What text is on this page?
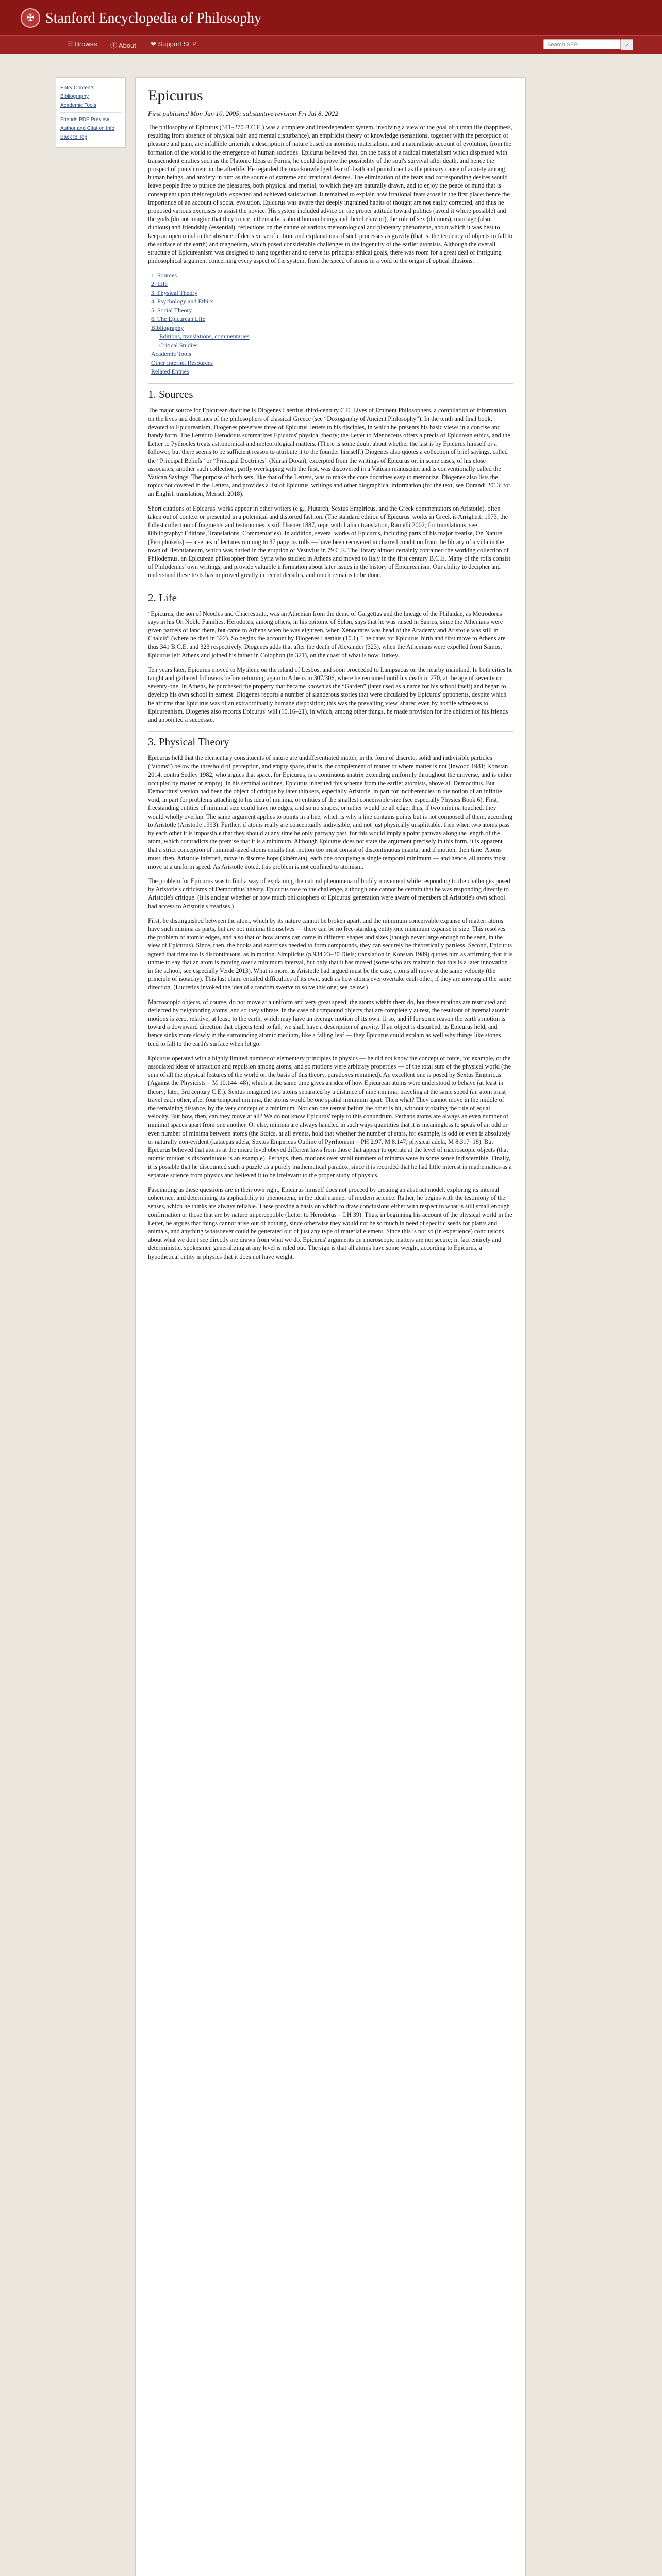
✠ Stanford Encyclopedia of Philosophy
☰ Browse ⓘ About ❤ Support SEP	Search SEP	⌕
Entry Contents
Bibliography
Academic Tools
Friends PDF Preview
Author and Citation Info
Back to Top
Epicurus
First published Mon Jan 10, 2005; substantive revision Fri Jul 8, 2022

The philosophy of Epicurus (341–270 B.C.E.) was a complete and interdependent system, involving a view of the goal of human life (happiness, resulting from absence of physical pain and mental disturbance), an empiricist theory of knowledge (sensations, together with the perception of pleasure and pain, are infallible criteria), a description of nature based on atomistic materialism, and a naturalistic account of evolution, from the formation of the world to the emergence of human societies. Epicurus believed that, on the basis of a radical materialism which dispensed with transcendent entities such as the Platonic Ideas or Forms, he could disprove the possibility of the soul's survival after death, and hence the prospect of punishment in the afterlife. He regarded the unacknowledged fear of death and punishment as the primary cause of anxiety among human beings, and anxiety in turn as the source of extreme and irrational desires. The elimination of the fears and corresponding desires would leave people free to pursue the pleasures, both physical and mental, to which they are naturally drawn, and to enjoy the peace of mind that is consequent upon their regularly expected and achieved satisfaction. It remained to explain how irrational fears arose in the first place: hence the importance of an account of social evolution. Epicurus was aware that deeply ingrained habits of thought are not easily corrected, and thus he proposed various exercises to assist the novice. His system included advice on the proper attitude toward politics (avoid it where possible) and the gods (do not imagine that they concern themselves about human beings and their behavior), the role of sex (dubious), marriage (also dubious) and friendship (essential), reflections on the nature of various meteorological and planetary phenomena, about which it was best to keep an open mind in the absence of decisive verification, and explanations of such processes as gravity (that is, the tendency of objects to fall to the surface of the earth) and magnetism, which posed considerable challenges to the ingenuity of the earlier atomists. Although the overall structure of Epicureanism was designed to hang together and to serve its principal ethical goals, there was room for a great deal of intriguing philosophical argument concerning every aspect of the system, from the speed of atoms in a void to the origin of optical illusions.

1. Sources
2. Life
3. Physical Theory
4. Psychology and Ethics
5. Social Theory
6. The Epicurean Life
Bibliography
Editions, translations, commentaries
Critical Studies
Academic Tools
Other Internet Resources
Related Entries
1. Sources

The major source for Epicurean doctrine is Diogenes Laertius' third-century C.E. Lives of Eminent Philosophers, a compilation of information on the lives and doctrines of the philosophers of classical Greece (see “Doxography of Ancient Philosophy”). In the tenth and final book, devoted to Epicureanism, Diogenes preserves three of Epicurus' letters to his disciples, in which he presents his basic views in a concise and handy form. The Letter to Herodotus summarizes Epicurus' physical theory; the Letter to Menoeceus offers a précis of Epicurean ethics, and the Letter to Pythocles treats astronomical and meteorological matters. (There is some doubt about whether the last is by Epicurus himself or a follower, but there seems to be sufficient reason to attribute it to the founder himself.) Diogenes also quotes a collection of brief sayings, called the “Principal Beliefs” or “Principal Doctrines” (Kuriai Doxai), excerpted from the writings of Epicurus or, in some cases, of his close associates, another such collection, partly overlapping with the first, was discovered in a Vatican manuscript and is conventionally called the Vatican Sayings. The purpose of both sets, like that of the Letters, was to make the core doctrines easy to memorize. Diogenes also lists the topics not covered in the Letters, and provides a list of Epicurus' writings and other biographical information (for the text, see Dorandi 2013; for an English translation, Mensch 2018).

Short citations of Epicurus' works appear in other writers (e.g., Plutarch, Sextus Empiricus, and the Greek commentators on Aristotle), often taken out of context or presented in a polemical and distorted fashion. (The standard edition of Epicurus' works in Greek is Arrighetti 1973; the fullest collection of fragments and testimonies is still Usener 1887, repr. with Italian translation, Ramelli 2002; for translations, see Bibliography: Editions, Translations, Commentaries). In addition, several works of Epicurus, including parts of his major treatise, On Nature (Peri phuseôs) — a series of lectures running to 37 papyrus rolls — have been recovered in charred condition from the library of a villa in the town of Herculaneum, which was buried in the eruption of Vesuvius in 79 C.E. The library almost certainly contained the working collection of Philodemus, an Epicurean philosopher from Syria who studied in Athens and moved to Italy in the first century B.C.E. Many of the rolls consist of Philodemus' own writings, and provide valuable information about later issues in the history of Epicureanism. Our ability to decipher and understand these texts has improved greatly in recent decades, and much remains to be done.

2. Life

“Epicurus, the son of Neocles and Chaerestrata, was an Athenian from the deme of Gargettus and the lineage of the Philaidae, as Metrodorus says in his On Noble Families. Herodotus, among others, in his epitome of Solon, says that he was raised in Samos, since the Athenians were given parcels of land there, but came to Athens when he was eighteen, when Xenocrates was head of the Academy and Aristotle was still in Chalcis” (where he died in 322). So begins the account by Diogenes Laertius (10.1). The dates for Epicurus' birth and first move to Athens are thus 341 B.C.E. and 323 respectively. Diogenes adds that after the death of Alexander (323), when the Athenians were expelled from Samos, Epicurus left Athens and joined his father in Colophon (in 321), on the coast of what is now Turkey.

Ten years later, Epicurus moved to Mytilene on the island of Lesbos, and soon proceeded to Lampsacus on the nearby mainland. In both cities he taught and gathered followers before returning again to Athens in 307/306, where he remained until his death in 270, at the age of seventy or seventy-one. In Athens, he purchased the property that became known as the “Garden” (later used as a name for his school itself) and began to develop his own school in earnest. Diogenes reports a number of slanderous stories that were circulated by Epicurus' opponents, despite which he affirms that Epicurus was of an extraordinarily humane disposition; this was the prevailing view, shared even by hostile witnesses to Epicureanism. Diogenes also records Epicurus' will (10.16–21), in which, among other things, he made provision for the children of his friends and appointed a successor.

3. Physical Theory

Epicurus held that the elementary constituents of nature are undifferentiated matter, in the form of discrete, solid and indivisible particles (“atoms”) below the threshold of perception, and empty space, that is, the complement of matter or where matter is not (Inwood 1981; Konstan 2014, contra Sedley 1982, who argues that space, for Epicurus, is a continuous matrix extending uniformly throughout the universe, and is either occupied by matter or empty). In his seminal outlines, Epicurus inherited this scheme from the earlier atomists, above all Democritus. But Democritus' version had been the object of critique by later thinkers, especially Aristotle, in part for incoherencies in the notion of an infinite void, in part for problems attaching to his idea of minima, or entities of the smallest conceivable size (see especially Physics Book 6). First, freestanding entities of minimal size could have no edges, and so no shapes, or rather would be all edge; thus, if two minima touched, they would wholly overlap. The same argument applies to points in a line, which is why a line contains points but is not composed of them, according to Aristotle (Aristotle 1993). Further, if atoms really are conceptually indivisible, and not just physically unsplittable, then when two atoms pass by each other it is impossible that they should at any time be only partway past, for this would imply a point partway along the length of the atom, which contradicts the premise that it is a minimum. Although Epicurus does not state the argument precisely in this form, it is apparent that a strict conception of minimal-sized atoms entails that motion too must consist of discontinuous quanta, and if motion, then time. Atoms must, then, Aristotle inferred, move in discrete hops (kinêmata), each one occupying a single temporal minimum — and hence, all atoms must move at a uniform speed. As Aristotle noted, this problem is not confined to atomism.

The problem for Epicurus was to find a way of explaining the natural phenomena of bodily movement while responding to the challenges posed by Aristotle's criticisms of Democritus' theory. Epicurus rose to the challenge, although one cannot be certain that he was responding directly to Aristotle's critique. (It is unclear whether or how much philosophers of Epicurus' generation were aware of members of Aristotle's own school had access to Aristotle's treatises.)

First, he distinguished between the atom, which by its nature cannot be broken apart, and the minimum conceivable expanse of matter: atoms have such minima as parts, but are not minima themselves — there can be no free-standing entity one minimum expanse in size. This resolves the problem of atomic edges, and also that of how atoms can come in different shapes and sizes (though never large enough to be seen, in the view of Epicurus). Since, then, the books and exercises needed to form compounds, they can securely be theoretically partless. Second, Epicurus agreed that time too is discontinuous, as in motion. Simplicius (p.934.23–30 Diels; translation in Konstan 1989) quotes him as affirming that it is untrue to say that an atom is moving over a minimum interval, but only that it has moved (some scholars maintain that this is a later innovation in the school; see especially Verde 2013). What is more, as Aristotle had argued must be the case, atoms all move at the same velocity (the principle of isotachy). This last claim entailed difficulties of its own, such as how atoms ever overtake each other, if they are moving at the same direction. (Lucretius invoked the idea of a random swerve to solve this one; see below.)

Macroscopic objects, of course, do not move at a uniform and very great speed; the atoms within them do, but these motions are restricted and deflected by neighboring atoms, and so they vibrate. In the case of compound objects that are completely at rest, the resultant of internal atomic motions is zero, relative, at least, to the earth, which may have an average motion of its own. If so, and if for some reason the earth's motion is toward a downward direction that objects tend to fall, we shall have a description of gravity. If an object is disturbed, as Epicurus held, and hence sinks more slowly in the surrounding atomic medium, like a falling leaf — they Epicurus could explain as well why things like stones tend to fall to the earth's surface when let go.

Epicurus operated with a highly limited number of elementary principles in physics — he did not know the concept of force, for example, or the associated ideas of attraction and repulsion among atoms, and so motions were arbitrary properties — of the total sum of the physical world (the sum of all the physical features of the world on the basis of this theory, paradoxes remained). An excellent one is posed by Sextus Empiricus (Against the Physicists = M 10.144–48), which at the same time gives an idea of how Epicurean atoms were understood to behave (at least in theory; later, 3rd century C.E.). Sextus imagined two atoms separated by a distance of nine minima, traveling at the same speed (an atom must travel each other, after four temporal minima, the atoms would be one spatial minimum apart. Then what? They cannot move in the middle of the remaining distance, by the very concept of a minimum. Nor can one retreat before the other is hit, without violating the rule of equal velocity. But how, then, can they move at all? We do not know Epicurus' reply to this conundrum. Perhaps atoms are always an even number of minimal spaces apart from one another. Or else, minima are always handled in such ways quantities that it is meaningless to speak of an odd or even number of minima between atoms (the Stoics, at all events, hold that whether the number of stars, for example, is odd or even is absolutely or naturally non-evident (kataepas adela, Sextus Empiricus Outline of Pyrrhonism = PH 2.97, M 8.147; physical adela, M 8.317–18). But Epicurus believed that atoms at the micro level obeyed different laws from those that appear to operate at the level of macroscopic objects (that atomic motion is discontinuous is an example). Perhaps, then, motions over small numbers of minima were in some sense indiscernible. Finally, it is possible that he discounted such a puzzle as a purely mathematical paradox, since it is recorded that he had little interest in mathematics as a separate science from physics and believed it to be irrelevant to the proper study of physics.

Fascinating as these questions are in their own right, Epicurus himself does not proceed by creating an abstract model, exploring its internal coherence, and determining its applicability to phenomena, in the ideal manner of modern science. Rather, he begins with the testimony of the senses, which he thinks are always reliable. These provide a basis on which to draw conclusions either with respect to what is still small enough confirmation or those that are by nature imperceptible (Letter to Herodotus = LH 39). Thus, in beginning his account of the physical world in the Letter, he argues that things cannot arise out of nothing, since otherwise they would not be so much in need of specific seeds for plants and animals, and anything whatsoever could be generated out of just any type of material element. Since this is not so (in experience) conclusions about what we don't see directly are drawn from what we do. Epicurus' arguments on microscopic matters are not secure; in fact entirely and deterministic, spokesmen generalizing at any level is ruled out. The sign is that all atoms have some weight, according to Epicurus, a hypothetical entity in physics that it does not have weight.
